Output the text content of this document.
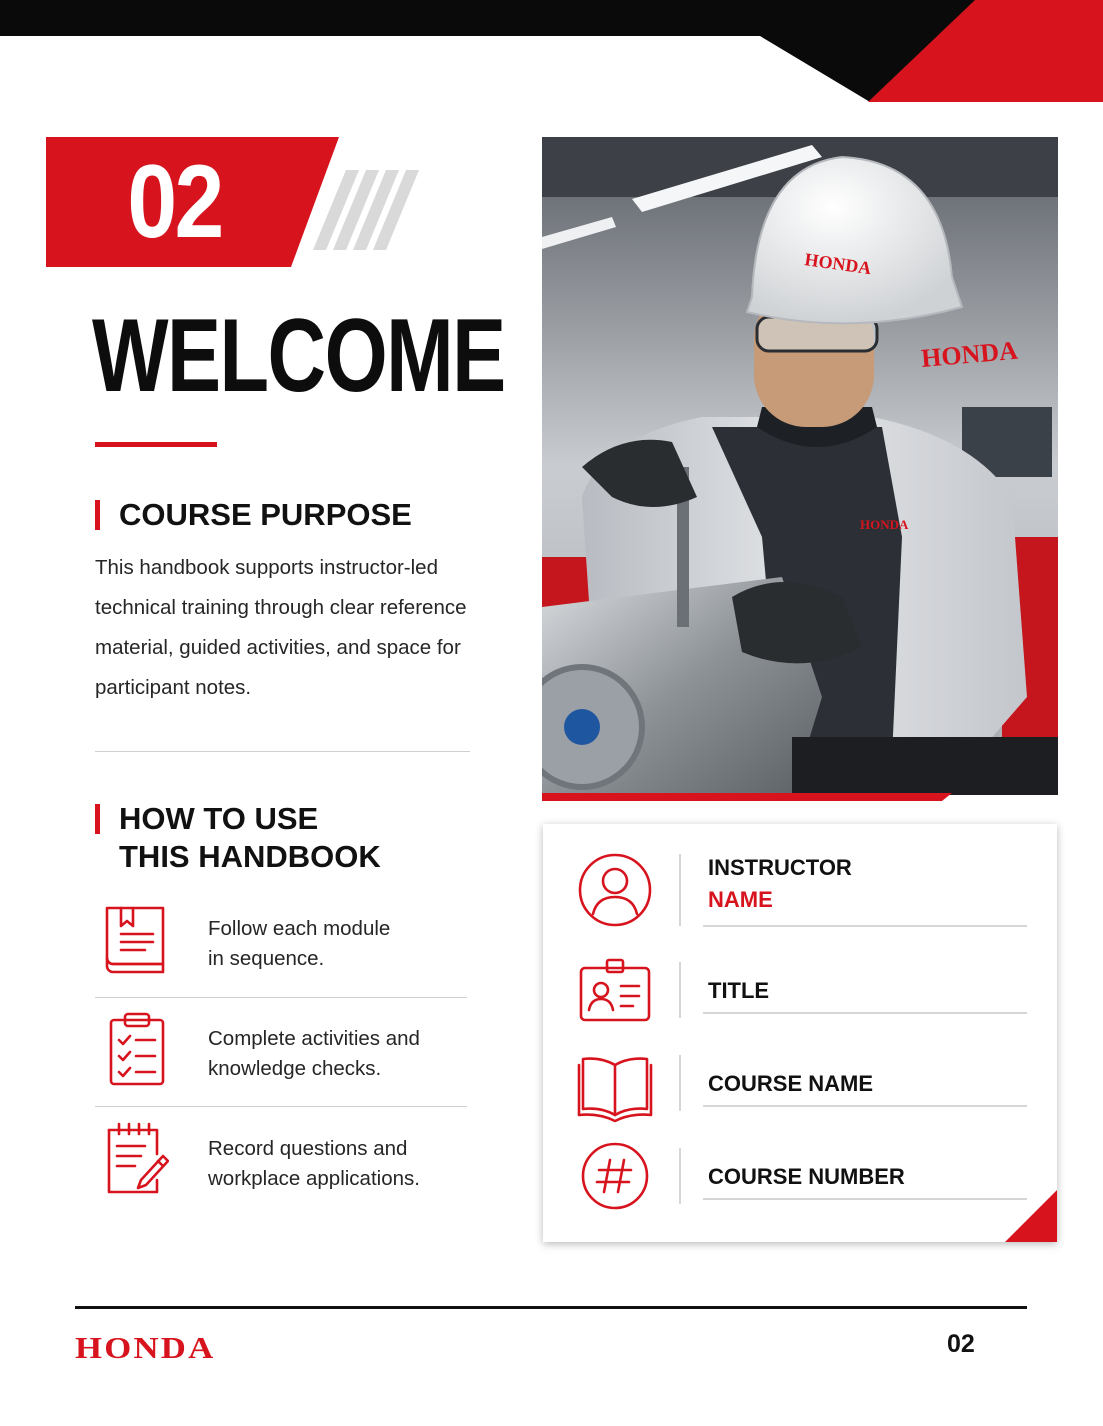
02
WELCOME
COURSE PURPOSE
This handbook supports instructor-led
technical training through clear reference
material, guided activities, and space for
participant notes.
HOW TO USE
THIS HANDBOOK
Follow each module
in sequence.
Complete activities and
knowledge checks.
Record questions and
workplace applications.
HONDA
HONDA
HONDA
INSTRUCTOR
NAME
TITLE
COURSE NAME
COURSE NUMBER
HONDA	02
